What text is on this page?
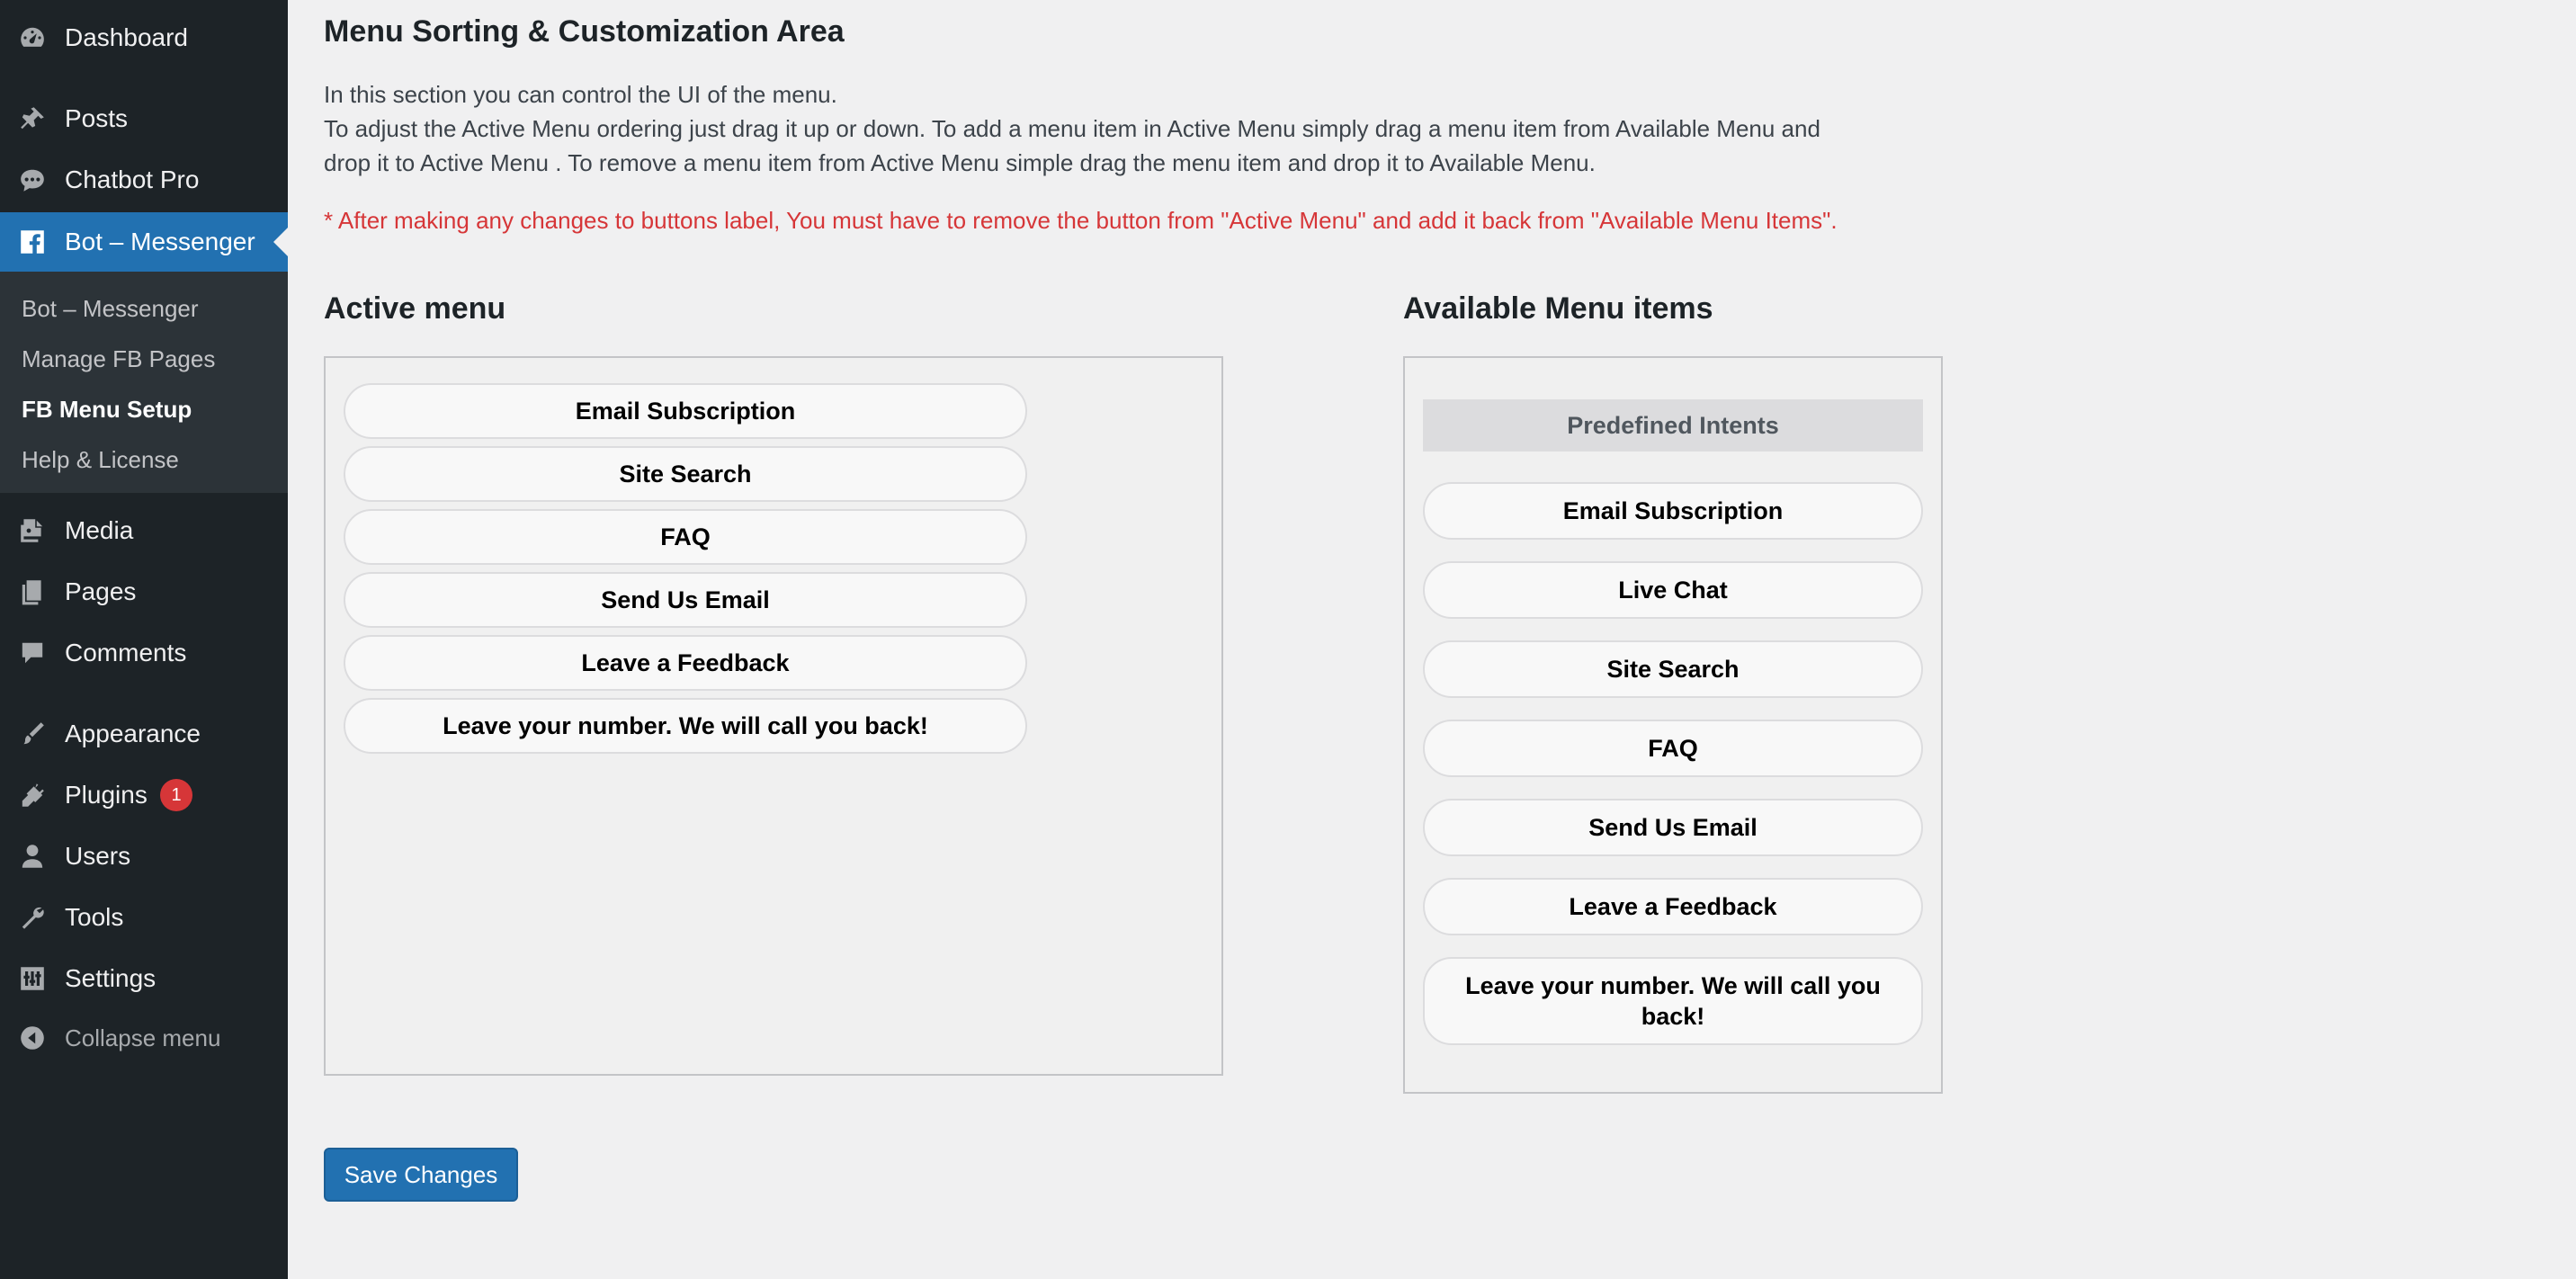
Dashboard
Posts
Chatbot Pro
Bot – Messenger
Bot – Messenger
Manage FB Pages
FB Menu Setup
Help & License
Media
Pages
Comments
Appearance
Plugins	1
Users
Tools
Settings
Collapse menu
Menu Sorting & Customization Area

In this section you can control the UI of the menu.

To adjust the Active Menu ordering just drag it up or down. To add a menu item in Active Menu simply drag a menu item from Available Menu and

drop it to Active Menu . To remove a menu item from Active Menu simple drag the menu item and drop it to Available Menu.

* After making any changes to buttons label, You must have to remove the button from "Active Menu" and add it back from "Available Menu Items".

Active menu
Email Subscription
Site Search
FAQ
Send Us Email
Leave a Feedback
Leave your number. We will call you back!
Available Menu items
Predefined Intents
Email Subscription
Live Chat
Site Search
FAQ
Send Us Email
Leave a Feedback
Leave your number. We will call you back!
Save Changes
